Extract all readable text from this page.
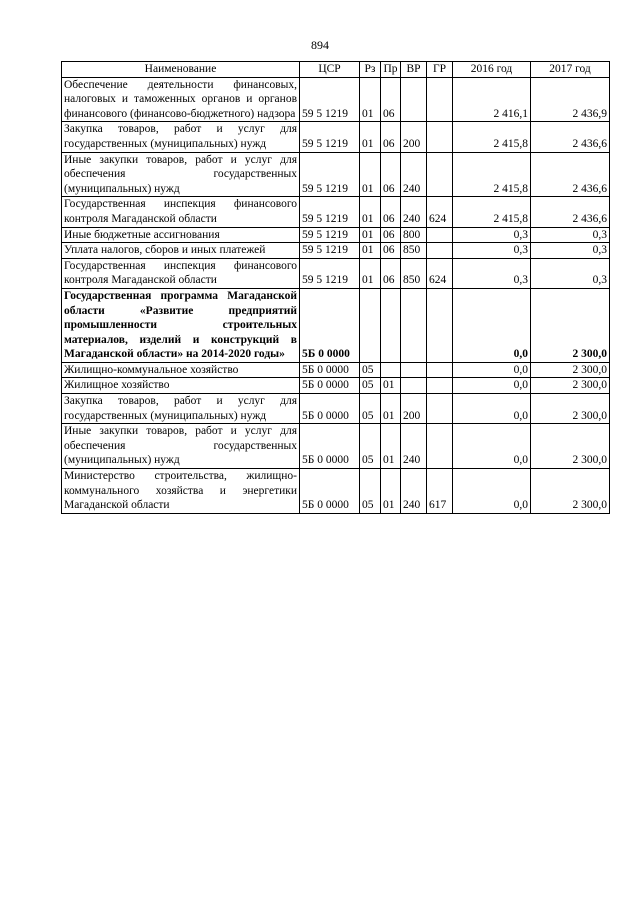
894
Наименование	ЦСР	Рз	Пр	ВР	ГР	2016 год	2017 год
Обеспечение деятельности финансовых, налоговых и таможенных органов и органов финансового (финансово-бюджетного) надзора	59 5 1219	01	06			2 416,1	2 436,9
Закупка товаров, работ и услуг для государственных (муниципальных) нужд	59 5 1219	01	06	200		2 415,8	2 436,6
Иные закупки товаров, работ и услуг для обеспечения государственных (муниципальных) нужд	59 5 1219	01	06	240		2 415,8	2 436,6
Государственная инспекция финансового контроля Магаданской области	59 5 1219	01	06	240	624	2 415,8	2 436,6
Иные бюджетные ассигнования	59 5 1219	01	06	800		0,3	0,3
Уплата налогов, сборов и иных платежей	59 5 1219	01	06	850		0,3	0,3
Государственная инспекция финансового контроля Магаданской области	59 5 1219	01	06	850	624	0,3	0,3
Государственная программа Магаданской области «Развитие предприятий промышленности строительных материалов, изделий и конструкций в Магаданской области» на 2014-2020 годы»	5Б 0 0000					0,0	2 300,0
Жилищно-коммунальное хозяйство	5Б 0 0000	05				0,0	2 300,0
Жилищное хозяйство	5Б 0 0000	05	01			0,0	2 300,0
Закупка товаров, работ и услуг для государственных (муниципальных) нужд	5Б 0 0000	05	01	200		0,0	2 300,0
Иные закупки товаров, работ и услуг для обеспечения государственных (муниципальных) нужд	5Б 0 0000	05	01	240		0,0	2 300,0
Министерство строительства, жилищно-коммунального хозяйства и энергетики Магаданской области	5Б 0 0000	05	01	240	617	0,0	2 300,0
